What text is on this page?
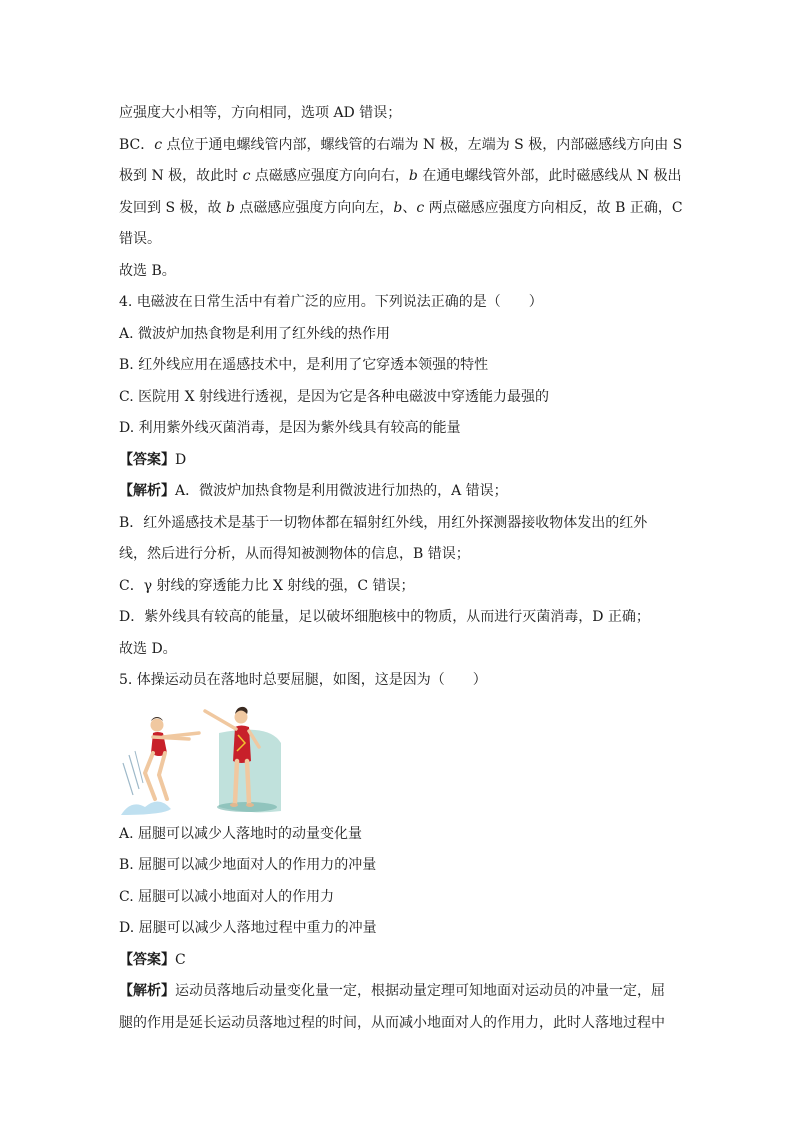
应强度大小相等，方向相同，选项 AD 错误；
BC．c 点位于通电螺线管内部，螺线管的右端为 N 极，左端为 S 极，内部磁感线方向由 S
极到 N 极，故此时 c 点磁感应强度方向向右，b 在通电螺线管外部，此时磁感线从 N 极出
发回到 S 极，故 b 点磁感应强度方向向左，b、c 两点磁感应强度方向相反，故 B 正确，C
错误。
故选 B。
4. 电磁波在日常生活中有着广泛的应用。下列说法正确的是（　　）
A. 微波炉加热食物是利用了红外线的热作用
B. 红外线应用在遥感技术中，是利用了它穿透本领强的特性
C. 医院用 X 射线进行透视，是因为它是各种电磁波中穿透能力最强的
D. 利用紫外线灭菌消毒，是因为紫外线具有较高的能量
【答案】D
【解析】A．微波炉加热食物是利用微波进行加热的，A 错误；
B．红外遥感技术是基于一切物体都在辐射红外线，用红外探测器接收物体发出的红外
线，然后进行分析，从而得知被测物体的信息，B 错误；
C．γ 射线的穿透能力比 X 射线的强，C 错误；
D．紫外线具有较高的能量，足以破坏细胞核中的物质，从而进行灭菌消毒，D 正确；
故选 D。
5. 体操运动员在落地时总要屈腿，如图，这是因为（　　）
A. 屈腿可以减少人落地时的动量变化量
B. 屈腿可以减少地面对人的作用力的冲量
C. 屈腿可以减小地面对人的作用力
D. 屈腿可以减少人落地过程中重力的冲量
【答案】C
【解析】运动员落地后动量变化量一定，根据动量定理可知地面对运动员的冲量一定，屈
腿的作用是延长运动员落地过程的时间，从而减小地面对人的作用力，此时人落地过程中
